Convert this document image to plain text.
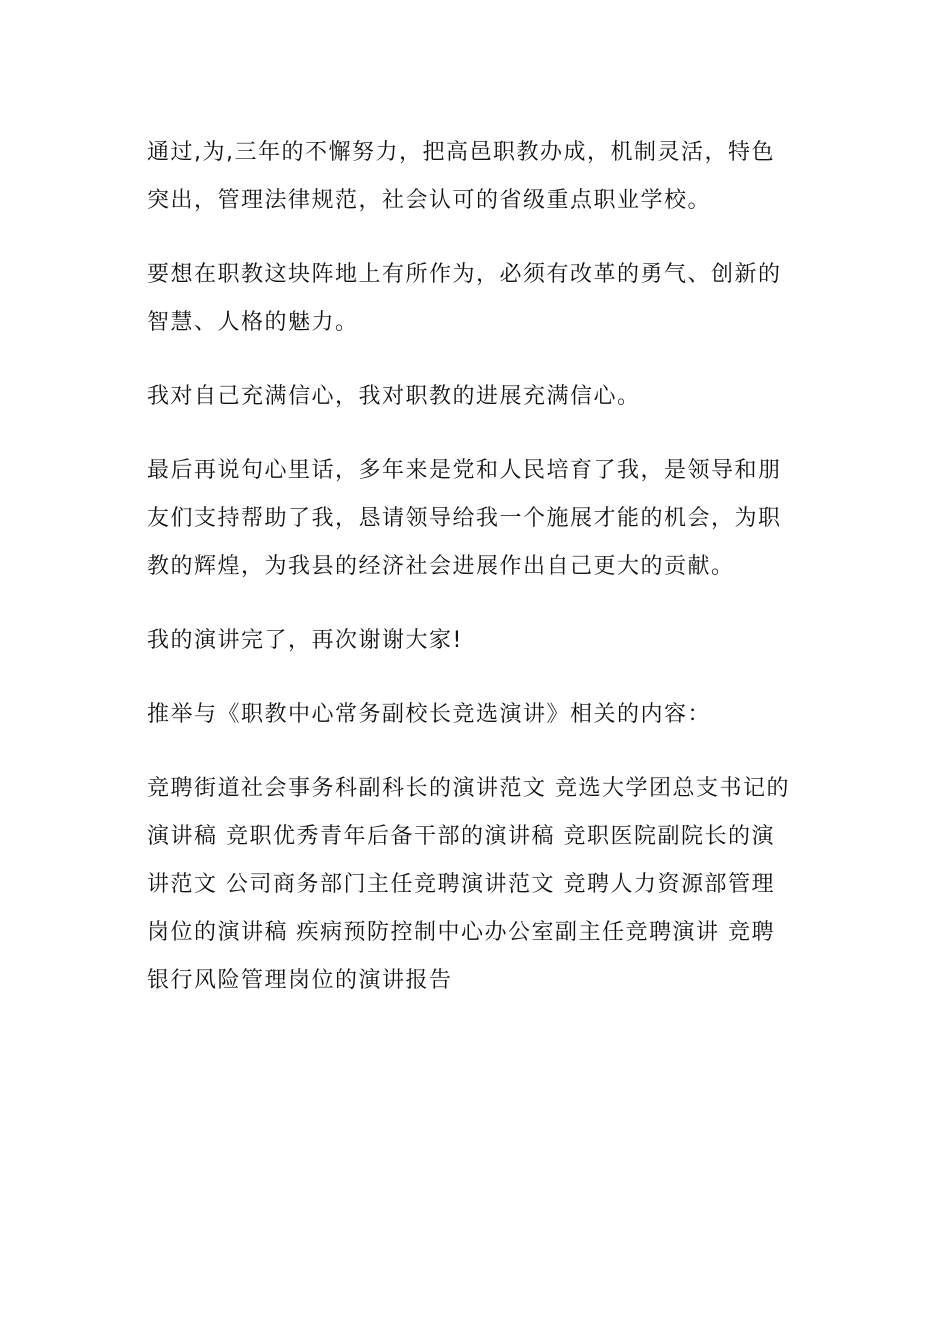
通过,为,三年的不懈努力，把高邑职教办成，机制灵活，特色

突出，管理法律规范，社会认可的省级重点职业学校。

要想在职教这块阵地上有所作为，必须有改革的勇气、创新的

智慧、人格的魅力。

我对自己充满信心，我对职教的进展充满信心。

最后再说句心里话，多年来是党和人民培育了我，是领导和朋

友们支持帮助了我，恳请领导给我一个施展才能的机会，为职

教的辉煌，为我县的经济社会进展作出自己更大的贡献。

我的演讲完了，再次谢谢大家!

推举与《职教中心常务副校长竞选演讲》相关的内容：

竞聘街道社会事务科副科长的演讲范文 竞选大学团总支书记的

演讲稿 竞职优秀青年后备干部的演讲稿 竞职医院副院长的演

讲范文 公司商务部门主任竞聘演讲范文 竞聘人力资源部管理

岗位的演讲稿 疾病预防控制中心办公室副主任竞聘演讲 竞聘

银行风险管理岗位的演讲报告
